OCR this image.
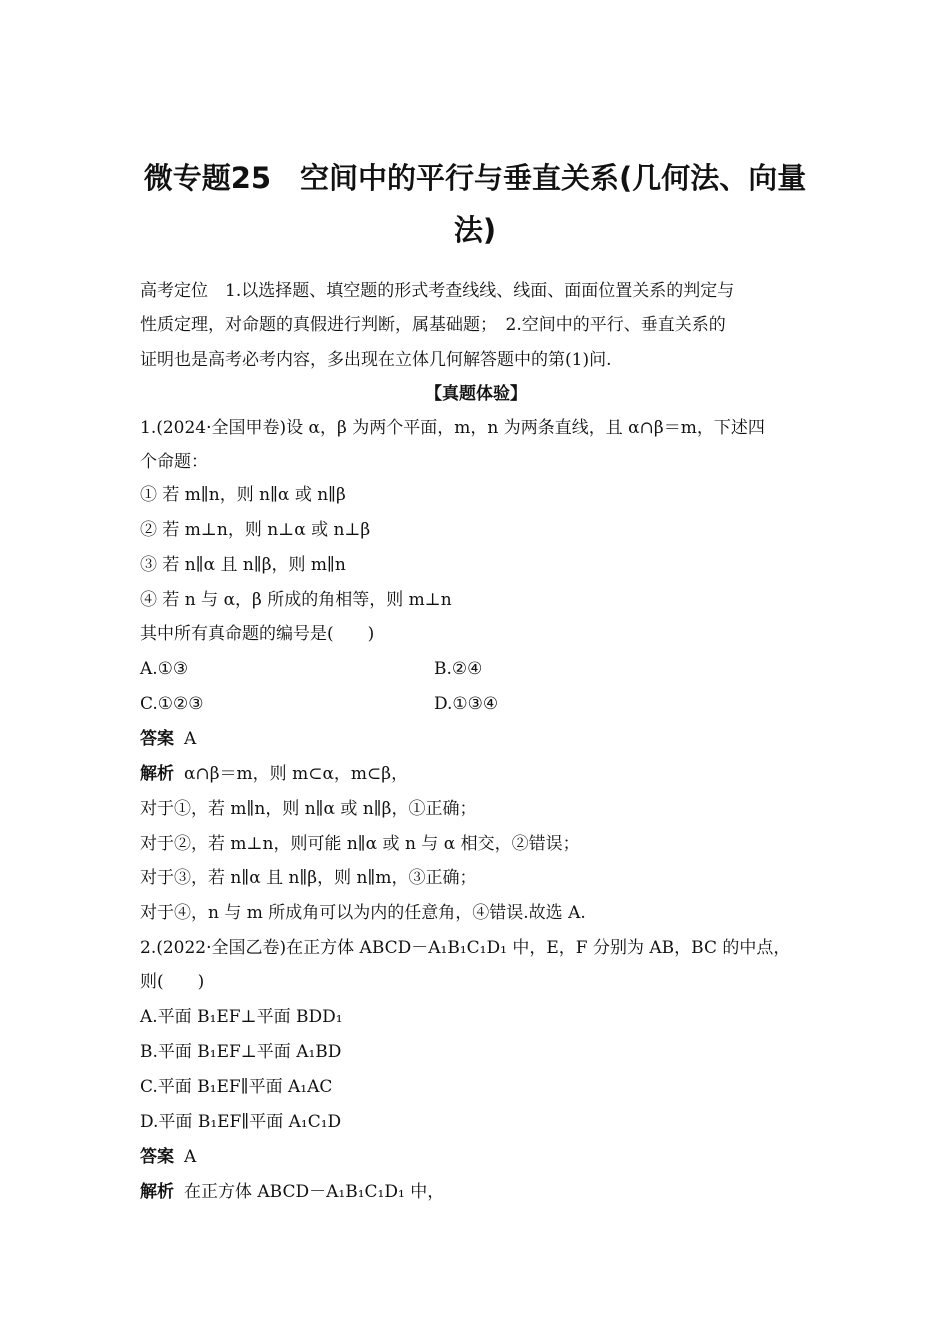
微专题25　空间中的平行与垂直关系(几何法、向量
法)
高考定位　1.以选择题、填空题的形式考查线线、线面、面面位置关系的判定与
性质定理，对命题的真假进行判断，属基础题；　2.空间中的平行、垂直关系的
证明也是高考必考内容，多出现在立体几何解答题中的第(1)问.
【真题体验】
1.(2024·全国甲卷)设 α，β 为两个平面，m，n 为两条直线，且 α∩β＝m，下述四
个命题：
① 若 m∥n，则 n∥α 或 n∥β
② 若 m⊥n，则 n⊥α 或 n⊥β
③ 若 n∥α 且 n∥β，则 m∥n
④ 若 n 与 α，β 所成的角相等，则 m⊥n
其中所有真命题的编号是(　　)
A.①③	B.②④
C.①②③	D.①③④
答案 A
解析 α∩β＝m，则 m⊂α，m⊂β，
对于①，若 m∥n，则 n∥α 或 n∥β，①正确；
对于②，若 m⊥n，则可能 n∥α 或 n 与 α 相交，②错误；
对于③，若 n∥α 且 n∥β，则 n∥m，③正确；
对于④，n 与 m 所成角可以为内的任意角，④错误.故选 A.
2.(2022·全国乙卷)在正方体 ABCD－A₁B₁C₁D₁ 中，E，F 分别为 AB，BC 的中点，
则(　　)
A.平面 B₁EF⊥平面 BDD₁
B.平面 B₁EF⊥平面 A₁BD
C.平面 B₁EF∥平面 A₁AC
D.平面 B₁EF∥平面 A₁C₁D
答案 A
解析 在正方体 ABCD－A₁B₁C₁D₁ 中，
